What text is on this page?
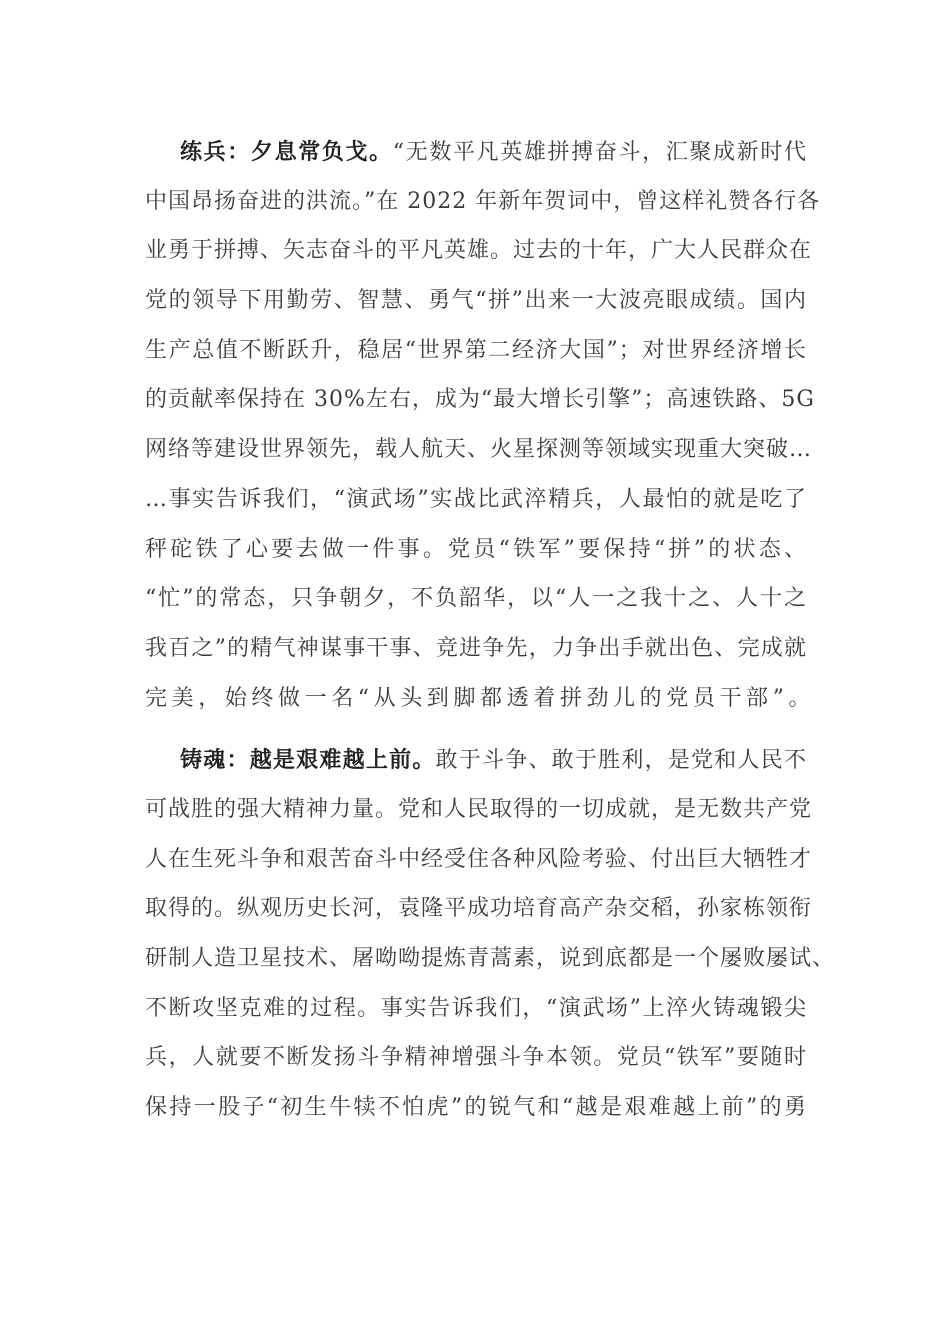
练兵：夕息常负戈。“无数平凡英雄拼搏奋斗，汇聚成新时代
中国昂扬奋进的洪流。”在 2022 年新年贺词中，曾这样礼赞各行各
业勇于拼搏、矢志奋斗的平凡英雄。过去的十年，广大人民群众在
党的领导下用勤劳、智慧、勇气“拼”出来一大波亮眼成绩。国内
生产总值不断跃升，稳居“世界第二经济大国”；对世界经济增长
的贡献率保持在 30%左右，成为“最大增长引擎”；高速铁路、5G
网络等建设世界领先，载人航天、火星探测等领域实现重大突破…
…事实告诉我们，“演武场”实战比武淬精兵，人最怕的就是吃了
秤砣铁了心要去做一件事。党员“铁军”要保持“拼”的状态、
“忙”的常态，只争朝夕，不负韶华，以“人一之我十之、人十之
我百之”的精气神谋事干事、竞进争先，力争出手就出色、完成就
完美，始终做一名“从头到脚都透着拼劲儿的党员干部”。
铸魂：越是艰难越上前。敢于斗争、敢于胜利，是党和人民不
可战胜的强大精神力量。党和人民取得的一切成就，是无数共产党
人在生死斗争和艰苦奋斗中经受住各种风险考验、付出巨大牺牲才
取得的。纵观历史长河，袁隆平成功培育高产杂交稻，孙家栋领衔
研制人造卫星技术、屠呦呦提炼青蒿素，说到底都是一个屡败屡试、
不断攻坚克难的过程。事实告诉我们，“演武场”上淬火铸魂锻尖
兵，人就要不断发扬斗争精神增强斗争本领。党员“铁军”要随时
保持一股子“初生牛犊不怕虎”的锐气和“越是艰难越上前”的勇
